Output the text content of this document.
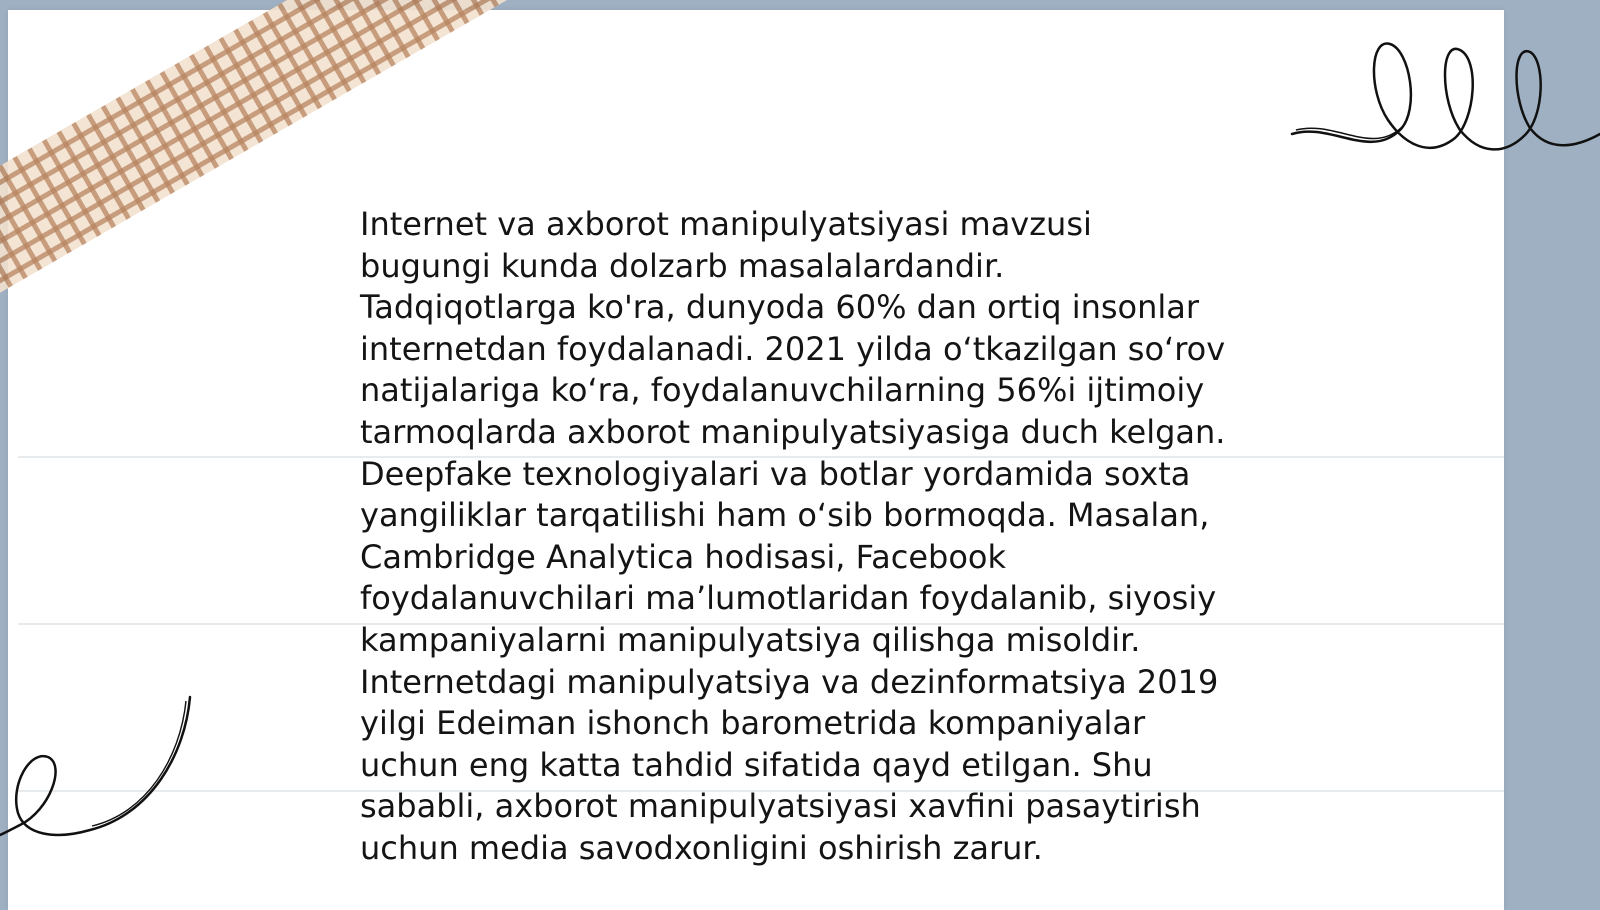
Internet va axborot manipulyatsiyasi mavzusi
bugungi kunda dolzarb masalalardandir.
Tadqiqotlarga ko'ra, dunyoda 60% dan ortiq insonlar
internetdan foydalanadi. 2021 yilda o‘tkazilgan so‘rov
natijalariga ko‘ra, foydalanuvchilarning 56%i ijtimoiy
tarmoqlarda axborot manipulyatsiyasiga duch kelgan.
Deepfake texnologiyalari va botlar yordamida soxta
yangiliklar tarqatilishi ham o‘sib bormoqda. Masalan,
Cambridge Analytica hodisasi, Facebook
foydalanuvchilari ma’lumotlaridan foydalanib, siyosiy
kampaniyalarni manipulyatsiya qilishga misoldir.
Internetdagi manipulyatsiya va dezinformatsiya 2019
yilgi Edeiman ishonch barometrida kompaniyalar
uchun eng katta tahdid sifatida qayd etilgan. Shu
sababli, axborot manipulyatsiyasi xavfini pasaytirish
uchun media savodxonligini oshirish zarur.
